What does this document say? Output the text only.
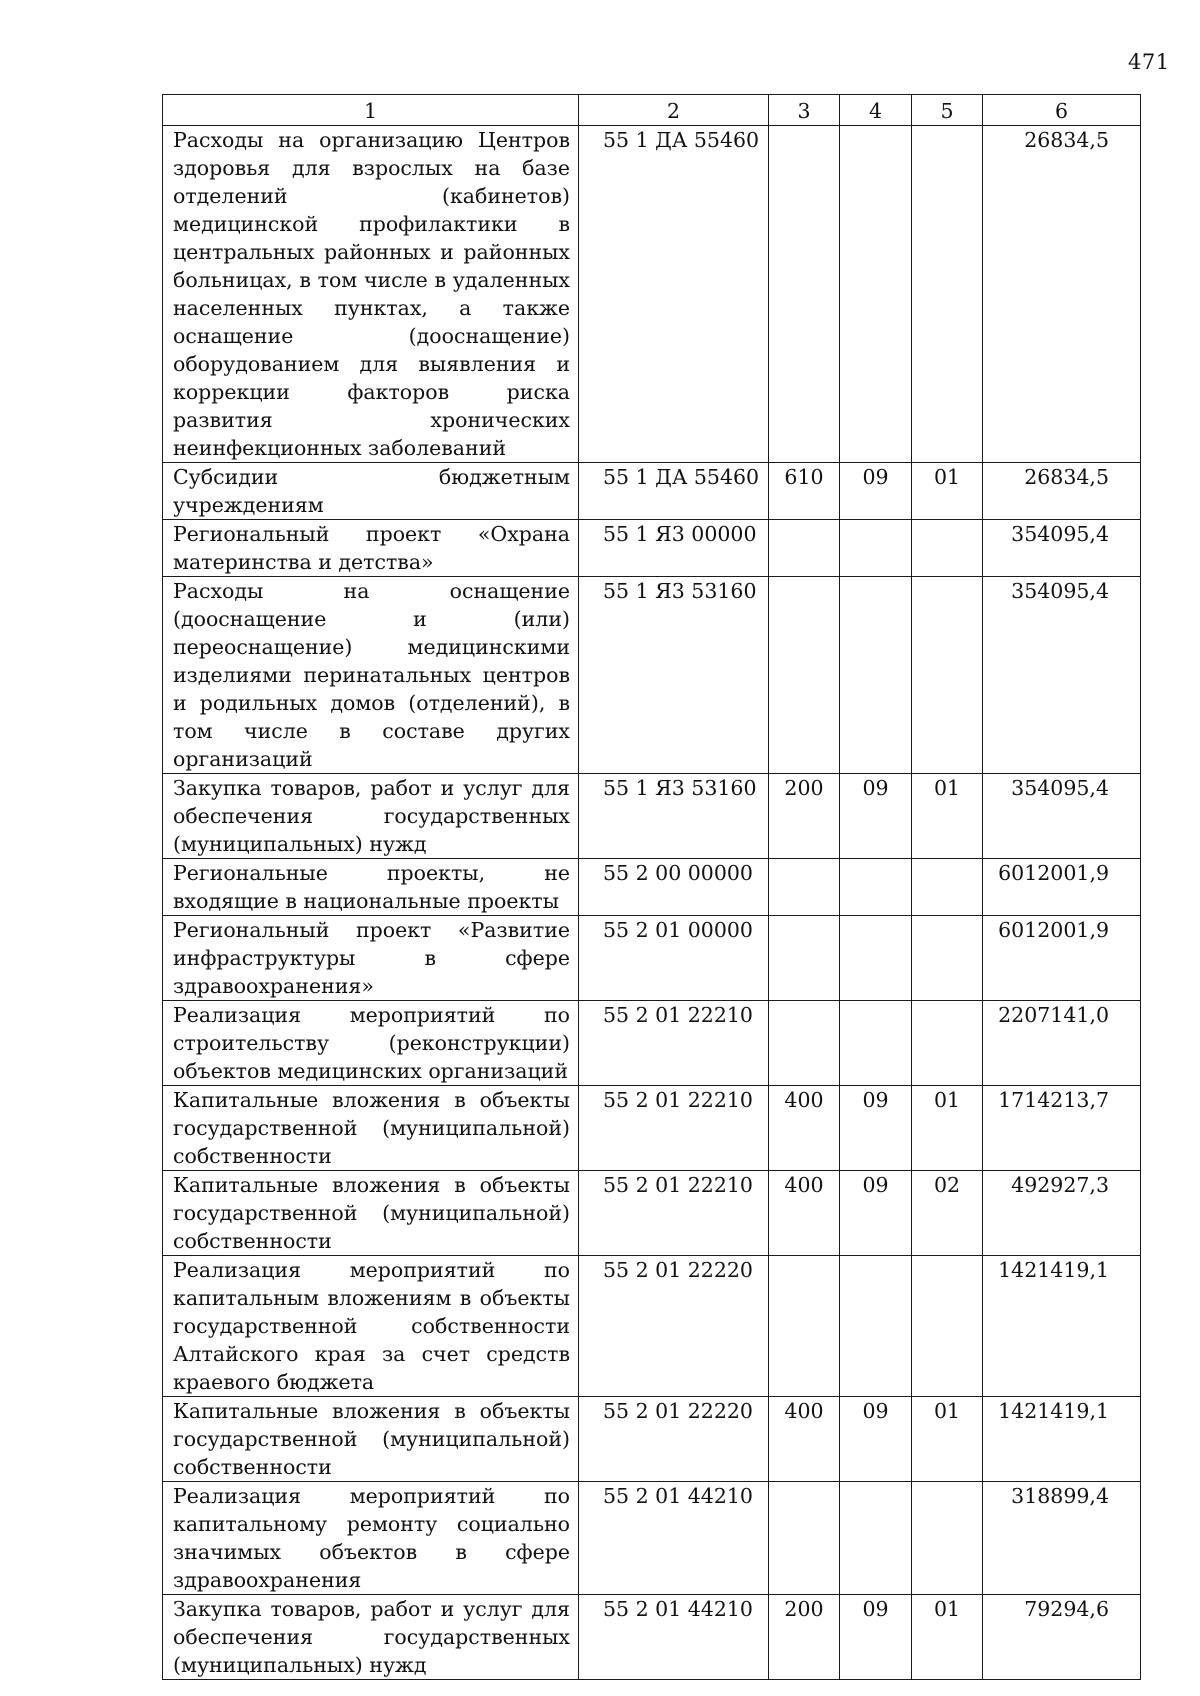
471
1	2	3	4	5	6
Расходы на организацию Центров здоровья для взрослых на базе отделений (кабинетов) медицинской профилактики в центральных районных и районных больницах, в том числе в удаленных населенных пунктах, а также оснащение (дооснащение) оборудованием для выявления и коррекции факторов риска развития хронических неинфекционных заболеваний	55 1 ДА 55460				26834,5
Субсидии бюджетным учреждениям	55 1 ДА 55460	610	09	01	26834,5
Региональный проект «Охрана материнства и детства»	55 1 Я3 00000				354095,4
Расходы на оснащение (дооснащение и (или) переоснащение) медицинскими изделиями перинатальных центров и родильных домов (отделений), в том числе в составе других организаций	55 1 Я3 53160				354095,4
Закупка товаров, работ и услуг для обеспечения государственных (муниципальных) нужд	55 1 Я3 53160	200	09	01	354095,4
Региональные проекты, не входящие в национальные проекты	55 2 00 00000				6012001,9
Региональный проект «Развитие инфраструктуры в сфере здравоохранения»	55 2 01 00000				6012001,9
Реализация мероприятий по строительству (реконструкции) объектов медицинских организаций	55 2 01 22210				2207141,0
Капитальные вложения в объекты государственной (муниципальной) собственности	55 2 01 22210	400	09	01	1714213,7
Капитальные вложения в объекты государственной (муниципальной) собственности	55 2 01 22210	400	09	02	492927,3
Реализация мероприятий по капитальным вложениям в объекты государственной собственности Алтайского края за счет средств краевого бюджета	55 2 01 22220				1421419,1
Капитальные вложения в объекты государственной (муниципальной) собственности	55 2 01 22220	400	09	01	1421419,1
Реализация мероприятий по капитальному ремонту социально значимых объектов в сфере здравоохранения	55 2 01 44210				318899,4
Закупка товаров, работ и услуг для обеспечения государственных (муниципальных) нужд	55 2 01 44210	200	09	01	79294,6
